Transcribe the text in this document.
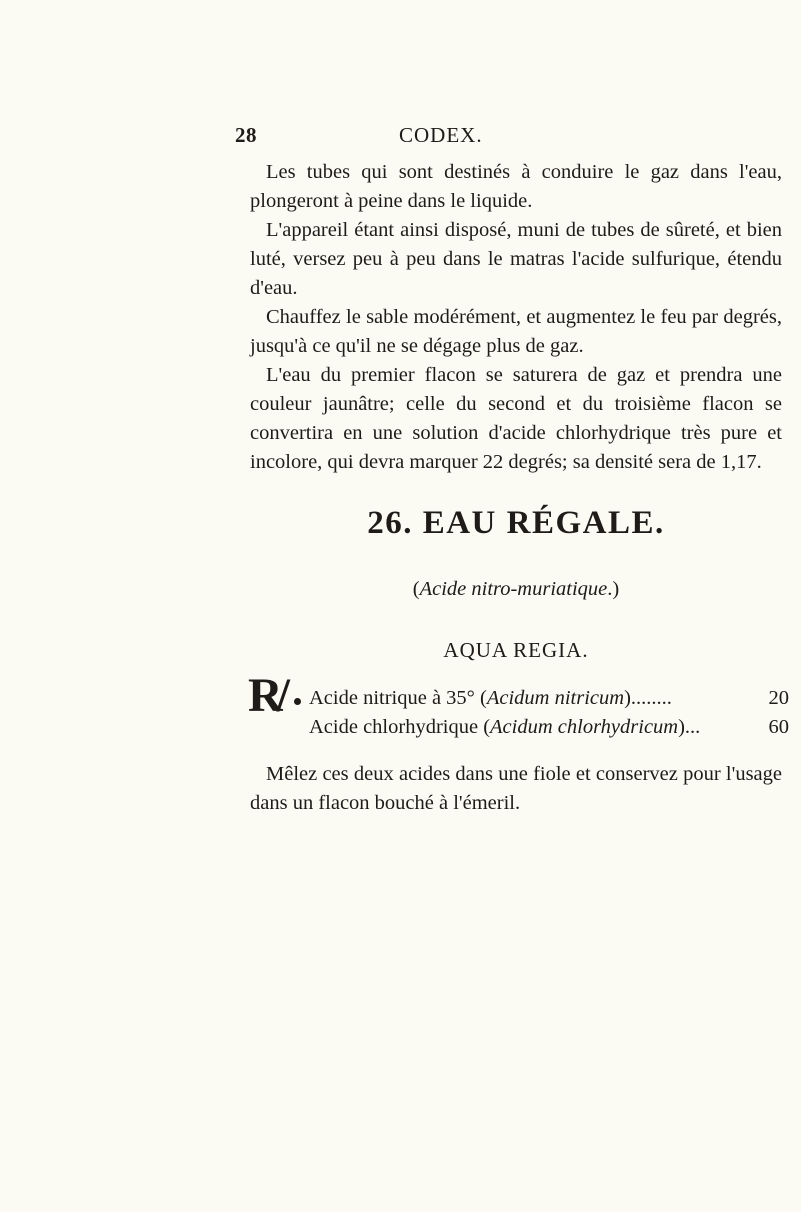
28	CODEX.

Les tubes qui sont destinés à conduire le gaz dans l'eau, plongeront à peine dans le liquide.

L'appareil étant ainsi disposé, muni de tubes de sûreté, et bien luté, versez peu à peu dans le matras l'acide sulfurique, étendu d'eau.

Chauffez le sable modérément, et augmentez le feu par degrés, jusqu'à ce qu'il ne se dégage plus de gaz.

L'eau du premier flacon se saturera de gaz et prendra une couleur jaunâtre; celle du second et du troisième flacon se convertira en une solution d'acide chlorhydrique très pure et incolore, qui devra marquer 22 degrés; sa densité sera de 1,17.

26. EAU RÉGALE.
(Acide nitro-muriatique.)
AQUA REGIA.
R/ Acide nitrique à 35° (Acidum nitricum)........	20
Acide chlorhydrique (Acidum chlorhydricum)...	60

Mêlez ces deux acides dans une fiole et conservez pour l'usage dans un flacon bouché à l'émeril.
